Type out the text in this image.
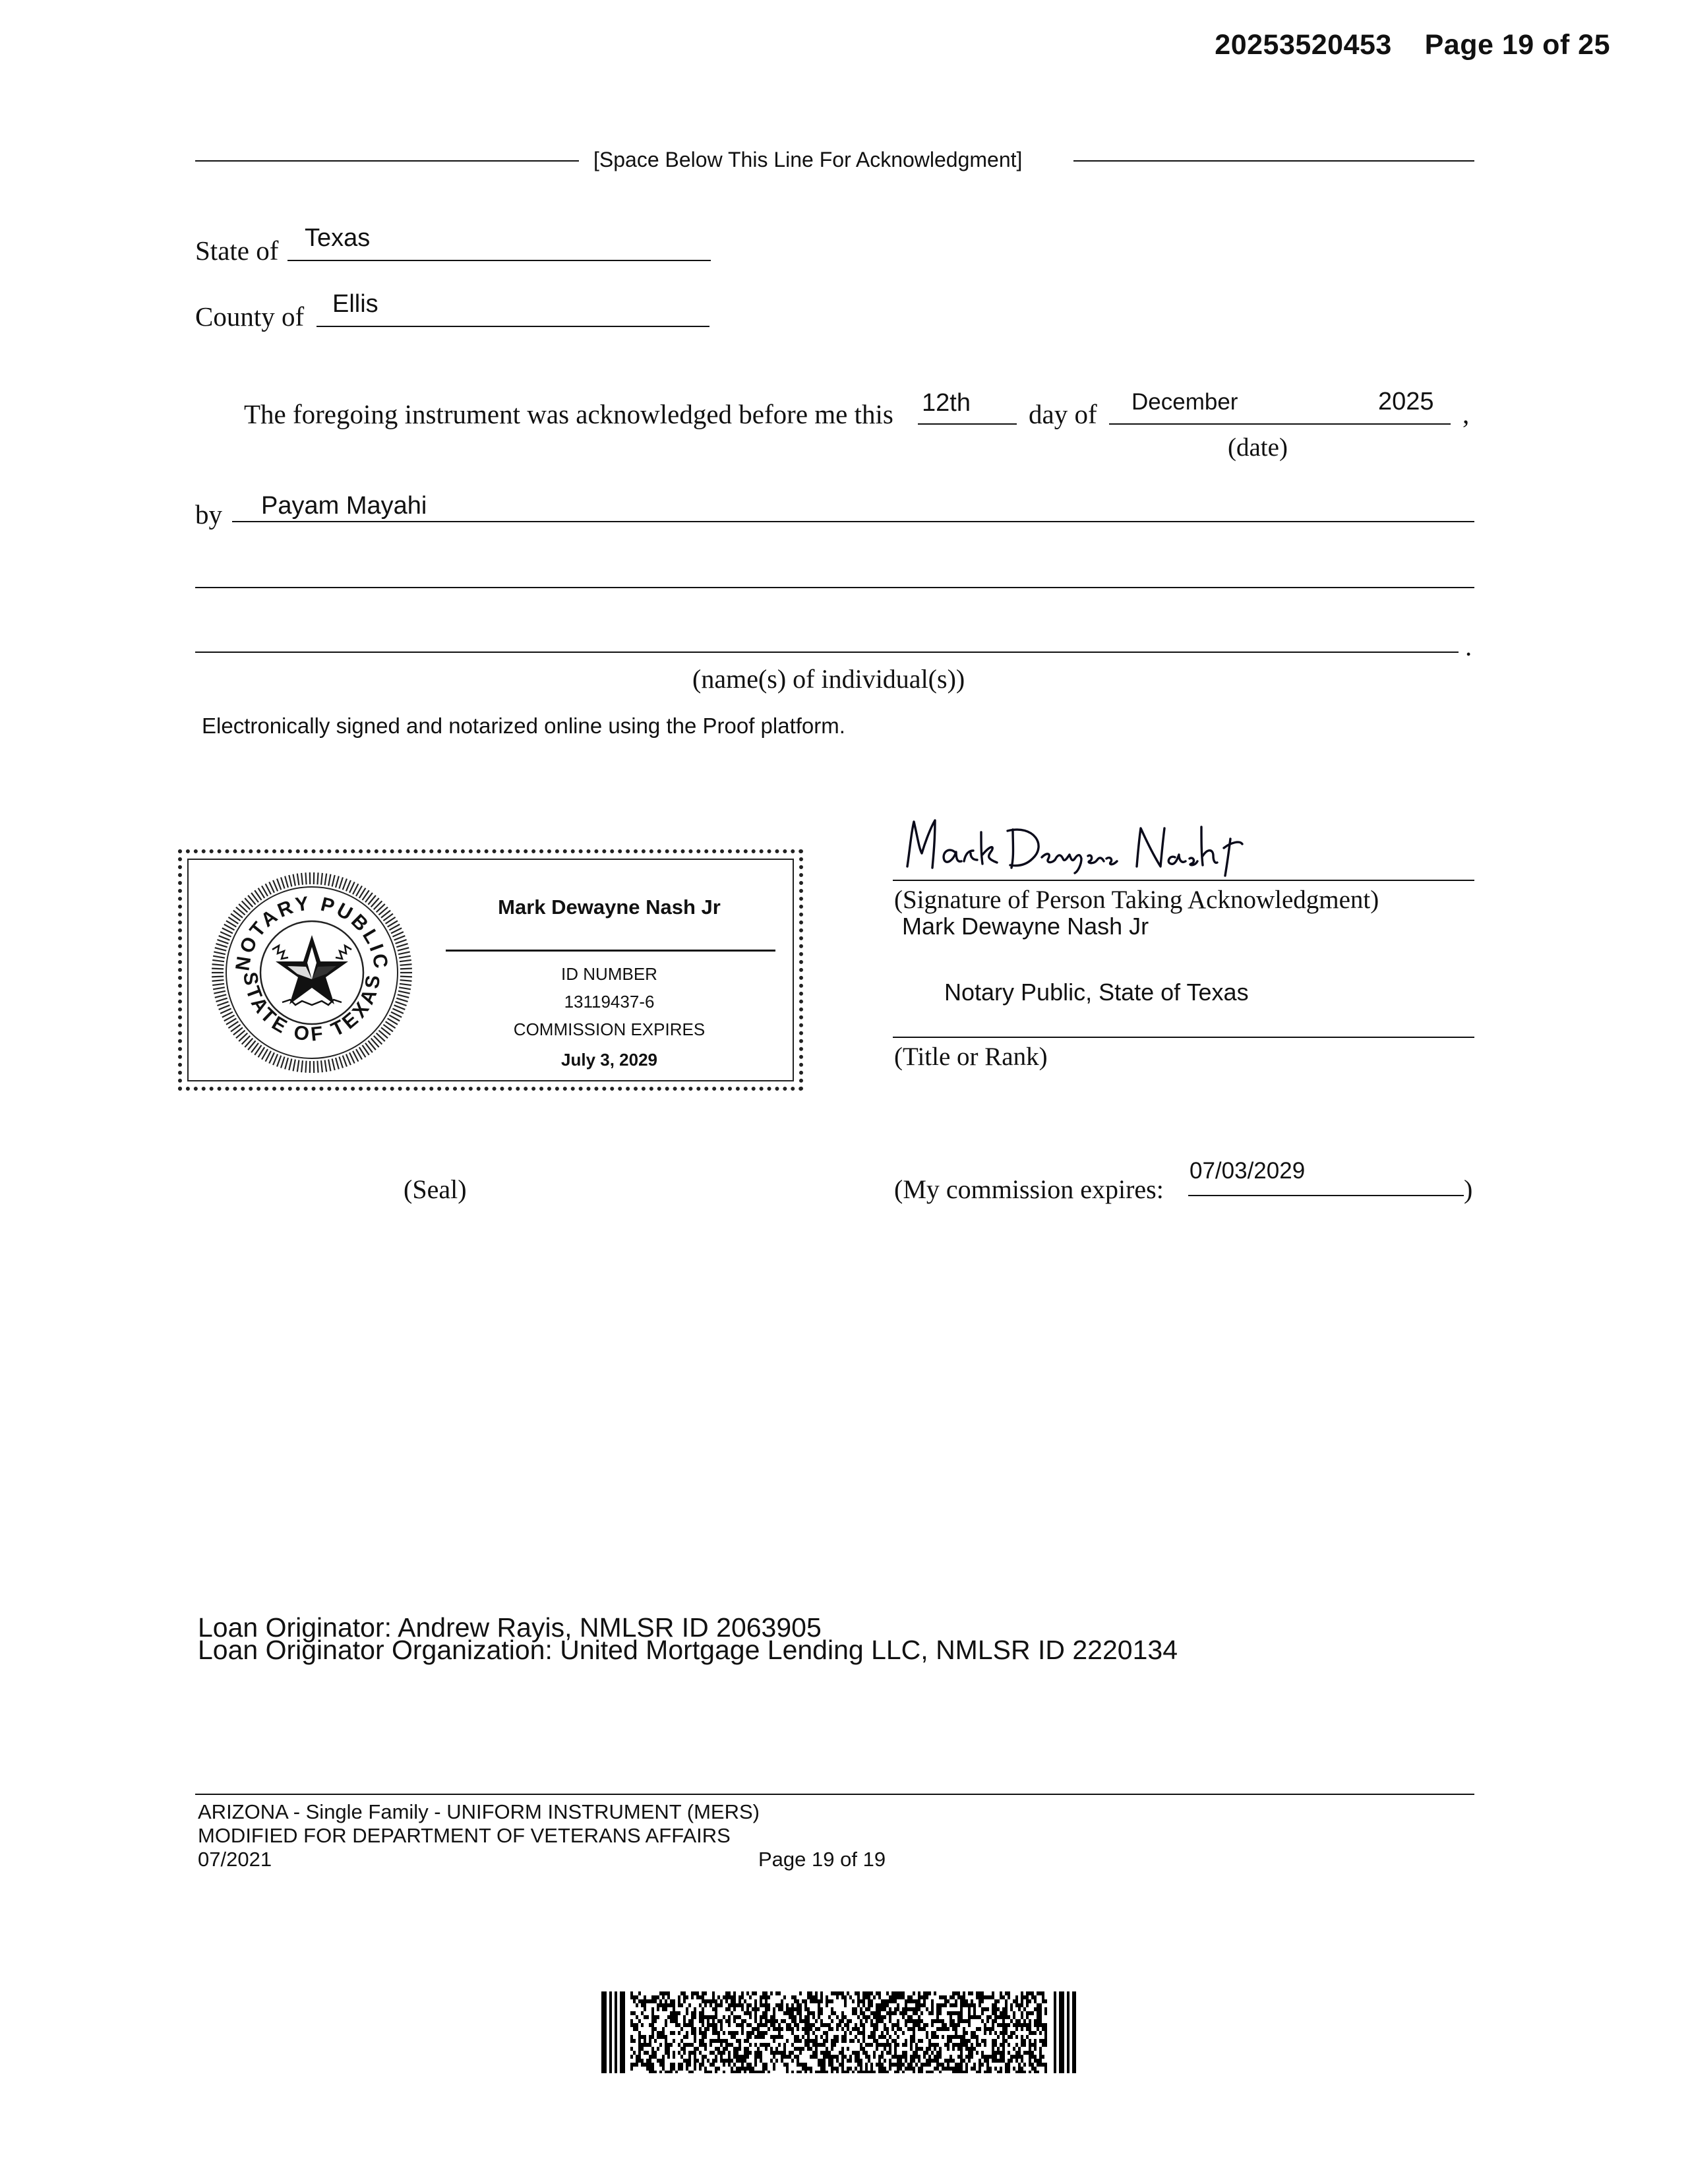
20253520453    Page 19 of 25
[Space Below This Line For Acknowledgment]
State of Texas
County of Ellis
The foregoing instrument was acknowledged before me this 12th day of December	2025 ,
(date)
by Payam Mayahi
.
(name(s) of individual(s))
Electronically signed and notarized online using the Proof platform.
NOTARY PUBLIC
STATE OF TEXAS
Mark Dewayne Nash Jr
ID NUMBER
13119437-6
COMMISSION EXPIRES
July 3, 2029
(Signature of Person Taking Acknowledgment)
Mark Dewayne Nash Jr
Notary Public, State of Texas
(Title or Rank)
(Seal)	(My commission expires:
07/03/2029
)
Loan Originator: Andrew Rayis, NMLSR ID 2063905
Loan Originator Organization: United Mortgage Lending LLC, NMLSR ID 2220134
ARIZONA - Single Family - UNIFORM INSTRUMENT (MERS)
MODIFIED FOR DEPARTMENT OF VETERANS AFFAIRS
07/2021	Page 19 of 19
